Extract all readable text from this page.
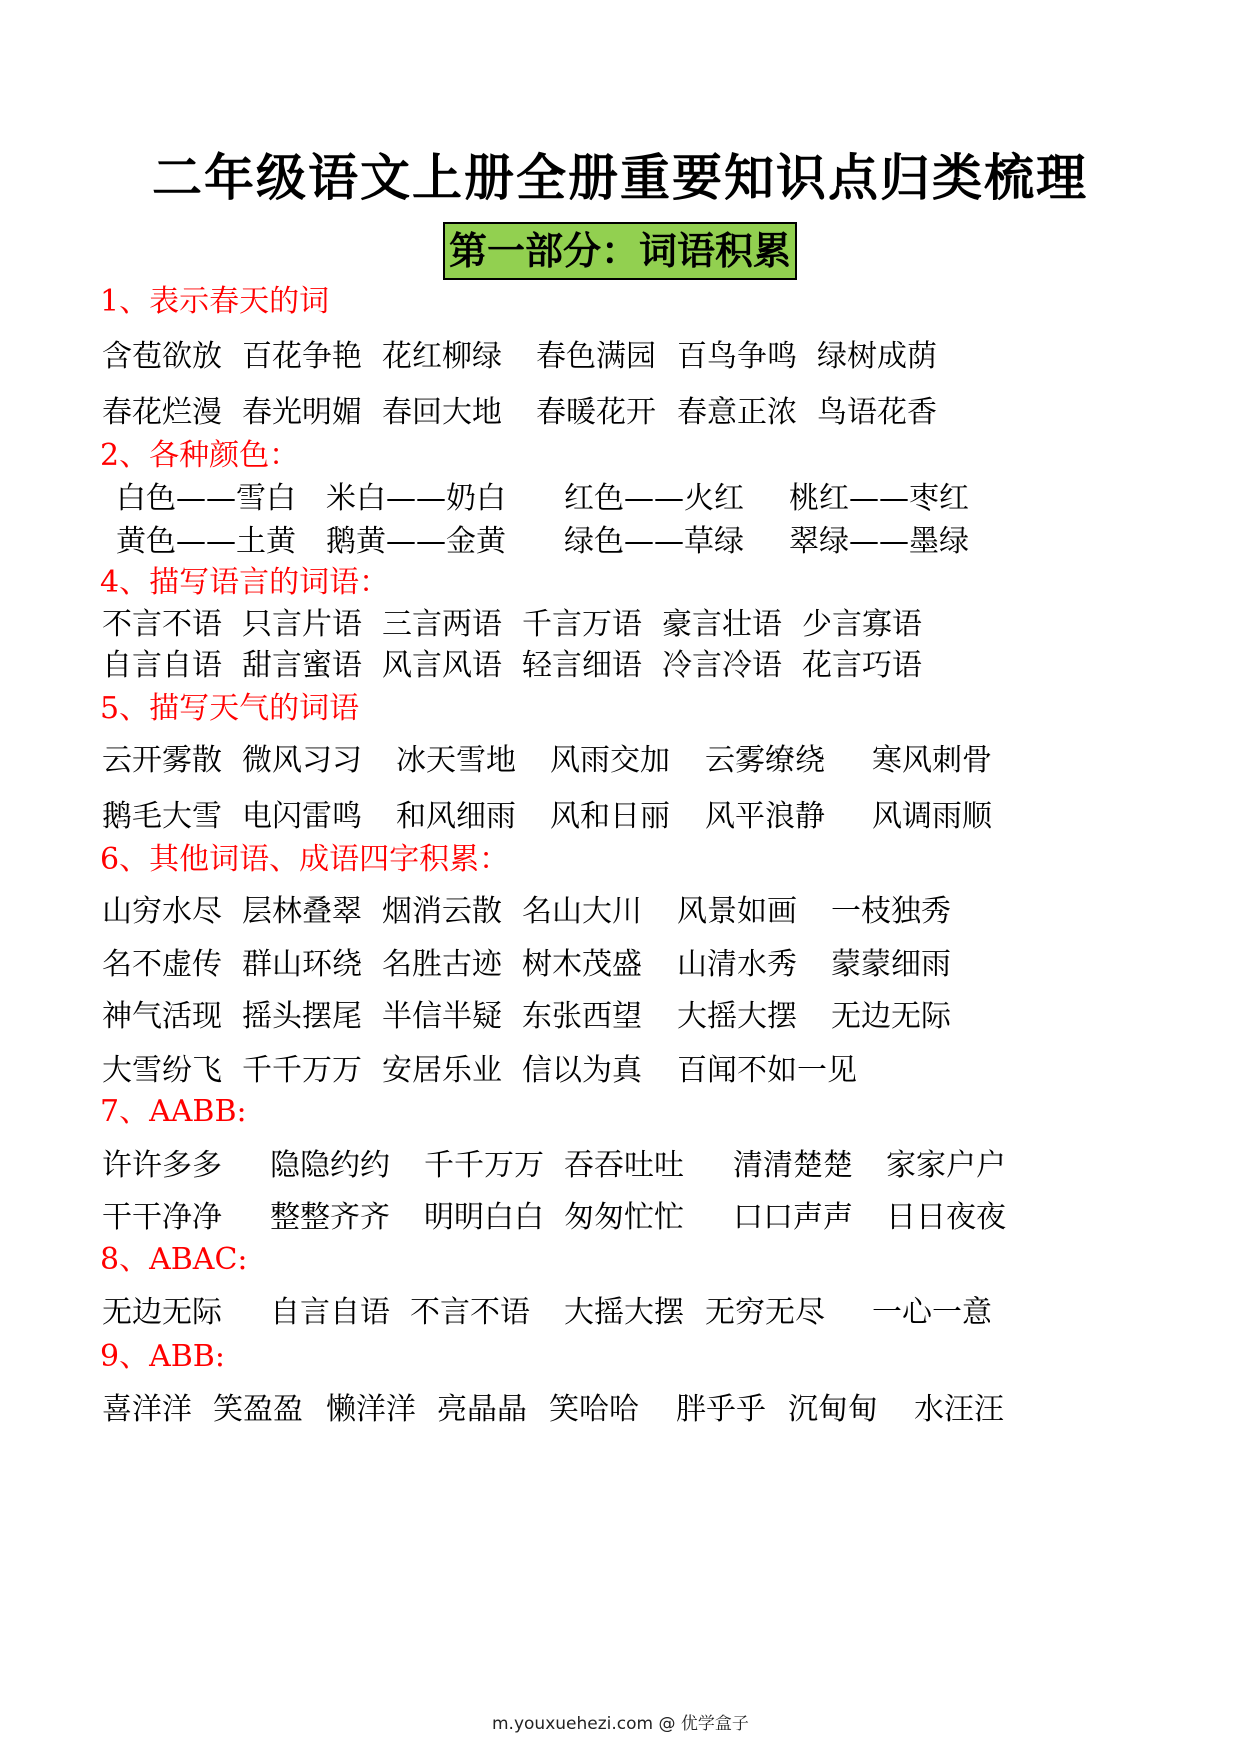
二年级语文上册全册重要知识点归类梳理
第一部分：词语积累
1、表示春天的词
含苞欲放 百花争艳 花红柳绿 春色满园 百鸟争鸣 绿树成荫
春花烂漫 春光明媚 春回大地 春暖花开 春意正浓 鸟语花香
2、各种颜色：
白色——雪白 米白——奶白 红色——火红 桃红——枣红
黄色——土黄 鹅黄——金黄 绿色——草绿 翠绿——墨绿
4、描写语言的词语：
不言不语 只言片语 三言两语 千言万语 豪言壮语 少言寡语
自言自语 甜言蜜语 风言风语 轻言细语 冷言冷语 花言巧语
5、描写天气的词语
云开雾散 微风习习 冰天雪地 风雨交加 云雾缭绕 寒风刺骨
鹅毛大雪 电闪雷鸣 和风细雨 风和日丽 风平浪静 风调雨顺
6、其他词语、成语四字积累：
山穷水尽 层林叠翠 烟消云散 名山大川 风景如画 一枝独秀
名不虚传 群山环绕 名胜古迹 树木茂盛 山清水秀 蒙蒙细雨
神气活现 摇头摆尾 半信半疑 东张西望 大摇大摆 无边无际
大雪纷飞 千千万万 安居乐业 信以为真 百闻不如一见
7、AABB:
许许多多 隐隐约约 千千万万 吞吞吐吐 清清楚楚 家家户户
干干净净 整整齐齐 明明白白 匆匆忙忙 口口声声 日日夜夜
8、ABAC:
无边无际 自言自语 不言不语 大摇大摆 无穷无尽 一心一意
9、ABB:
喜洋洋 笑盈盈 懒洋洋 亮晶晶 笑哈哈 胖乎乎 沉甸甸 水汪汪
m.youxuehezi.com @ 优学盒子
